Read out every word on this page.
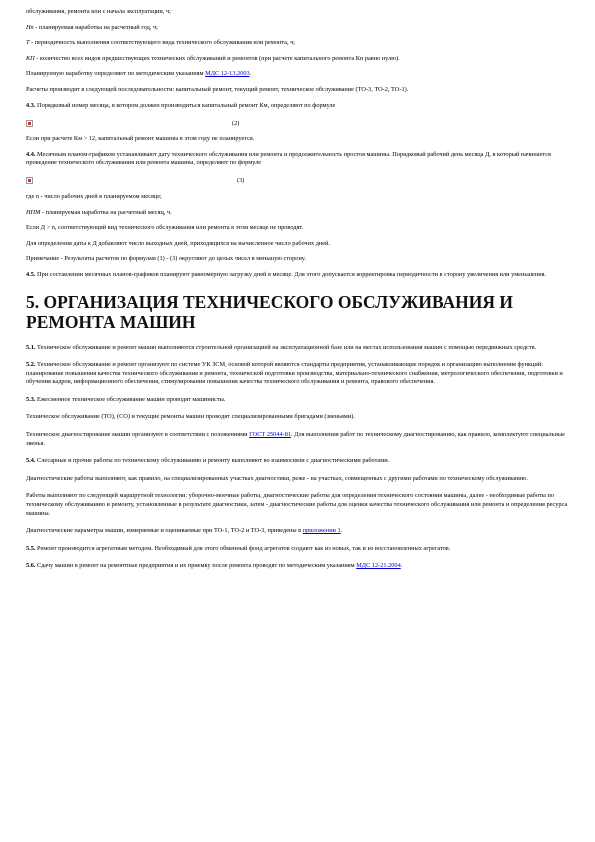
обслуживания, ремонта или с начала эксплуатации, ч;

Нп - планируемая наработка на расчетный год, ч;

Т - периодичность выполнения соответствующего вида технического обслуживания или ремонта, ч;

КП - количество всех видов предшествующих технических обслуживаний и ремонтов (при расчете капитального ремонта Кп равно нулю).

Планируемую наработку определяют по методическим указаниям МДС 12-13.2003.

Расчеты производят в следующей последовательности: капитальный ремонт, текущий ремонт, техническое обслуживание (ТО-3, ТО-2, ТО-1).

4.3. Порядковый номер месяца, в котором должен производиться капитальный ремонт Км, определяют по формуле

(2)

Если при расчете Км > 12, капитальный ремонт машины в этом году не планируется.

4.4. Месячным планом-графиком устанавливают дату технического обслуживания или ремонта и продолжительность простоя машины. Порядковый рабочий день месяца Д, в который начинается проведение технического обслуживания или ремонта машины, определяют по формуле

(3)

где n - число рабочих дней в планируемом месяце;

НПМ - планируемая наработка на расчетный месяц, ч.

Если Д > n, соответствующий вид технического обслуживания или ремонта в этом месяце не проводят.

Для определения даты к Д добавляют число выходных дней, приходящихся на вычисленное число рабочих дней.

Примечание - Результаты расчетов по формулам (1) - (3) округляют до целых чисел в меньшую сторону.

4.5. При составлении месячных планов-графиков планируют равномерную загрузку дней в месяце. Для этого допускается корректировка периодичности в сторону увеличения или уменьшения.

5. ОРГАНИЗАЦИЯ ТЕХНИЧЕСКОГО ОБСЛУЖИВАНИЯ И РЕМОНТА МАШИН

5.1. Техническое обслуживание и ремонт машин выполняются строительной организацией на эксплуатационной базе или на местах использования машин с помощью передвижных средств.

5.2. Техническое обслуживание и ремонт организуют по системе УК ЗСМ, основой которой являются стандарты предприятия, устанавливающие порядок и организацию выполнения функций: планирование повышения качества технического обслуживания и ремонта, технической подготовки производства, материально-технического снабжения, метрологического обеспечения, подготовки и обучения кадров, информационного обеспечения, стимулирования повышения качества технического обслуживания и ремонта, правового обеспечения.

5.3. Ежесменное техническое обслуживание машин проводят машинисты.

Техническое обслуживание (ТО), (СО) и текущие ремонты машин проводят специализированными бригадами (звеньями).

Техническое диагностирование машин организуют в соответствии с положениями ГОСТ 25044-81. Для выполнения работ по техническому диагностированию, как правило, комплектуют специальные звенья.

5.4. Слесарные и прочие работы по техническому обслуживанию и ремонту выполняют во взаимосвязи с диагностическими работами.

Диагностические работы выполняют, как правило, на специализированных участках диагностики, реже - на участках, совмещенных с другими работами по техническому обслуживанию.

Работы выполняют по следующей маршрутной технологии: уборочно-моечные работы, диагностические работы для определения технического состояния машины, далее - необходимые работы по техническому обслуживанию и ремонту, установленные в результате диагностики, затем - диагностические работы для оценки качества технического обслуживания или ремонта и определения ресурса машины.

Диагностические параметры машин, измеряемые и оцениваемые при ТО-1, ТО-2 и ТО-3, приведены в приложении 1.

5.5. Ремонт производится агрегатным методом. Необходимый для этого обменный фонд агрегатов создают как из новых, так и из восстановленных агрегатов.

5.6. Сдачу машин в ремонт на ремонтные предприятия и их приемку после ремонта проводят по методическим указаниям МДС 12-21.2004.
